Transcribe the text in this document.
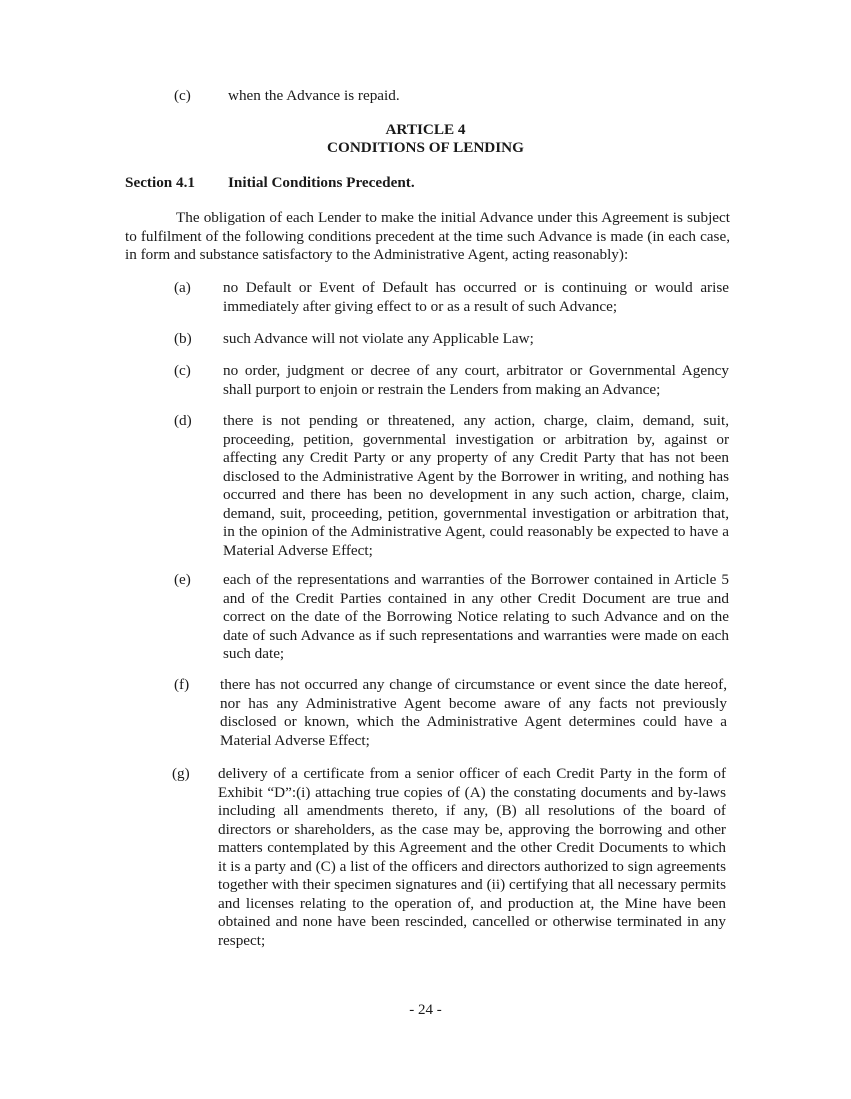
(c) when the Advance is repaid.
ARTICLE 4
CONDITIONS OF LENDING
Section 4.1 Initial Conditions Precedent.
The obligation of each Lender to make the initial Advance under this Agreement is subject to fulfilment of the following conditions precedent at the time such Advance is made (in each case, in form and substance satisfactory to the Administrative Agent, acting reasonably):
(a) no Default or Event of Default has occurred or is continuing or would arise immediately after giving effect to or as a result of such Advance;
(b) such Advance will not violate any Applicable Law;
(c) no order, judgment or decree of any court, arbitrator or Governmental Agency shall purport to enjoin or restrain the Lenders from making an Advance;
(d) there is not pending or threatened, any action, charge, claim, demand, suit, proceeding, petition, governmental investigation or arbitration by, against or affecting any Credit Party or any property of any Credit Party that has not been disclosed to the Administrative Agent by the Borrower in writing, and nothing has occurred and there has been no development in any such action, charge, claim, demand, suit, proceeding, petition, governmental investigation or arbitration that, in the opinion of the Administrative Agent, could reasonably be expected to have a Material Adverse Effect;
(e) each of the representations and warranties of the Borrower contained in Article 5 and of the Credit Parties contained in any other Credit Document are true and correct on the date of the Borrowing Notice relating to such Advance and on the date of such Advance as if such representations and warranties were made on each such date;
(f) there has not occurred any change of circumstance or event since the date hereof, nor has any Administrative Agent become aware of any facts not previously disclosed or known, which the Administrative Agent determines could have a Material Adverse Effect;
(g) delivery of a certificate from a senior officer of each Credit Party in the form of Exhibit “D”:(i) attaching true copies of (A) the constating documents and by-laws including all amendments thereto, if any, (B) all resolutions of the board of directors or shareholders, as the case may be, approving the borrowing and other matters contemplated by this Agreement and the other Credit Documents to which it is a party and (C) a list of the officers and directors authorized to sign agreements together with their specimen signatures and (ii) certifying that all necessary permits and licenses relating to the operation of, and production at, the Mine have been obtained and none have been rescinded, cancelled or otherwise terminated in any respect;
- 24 -
